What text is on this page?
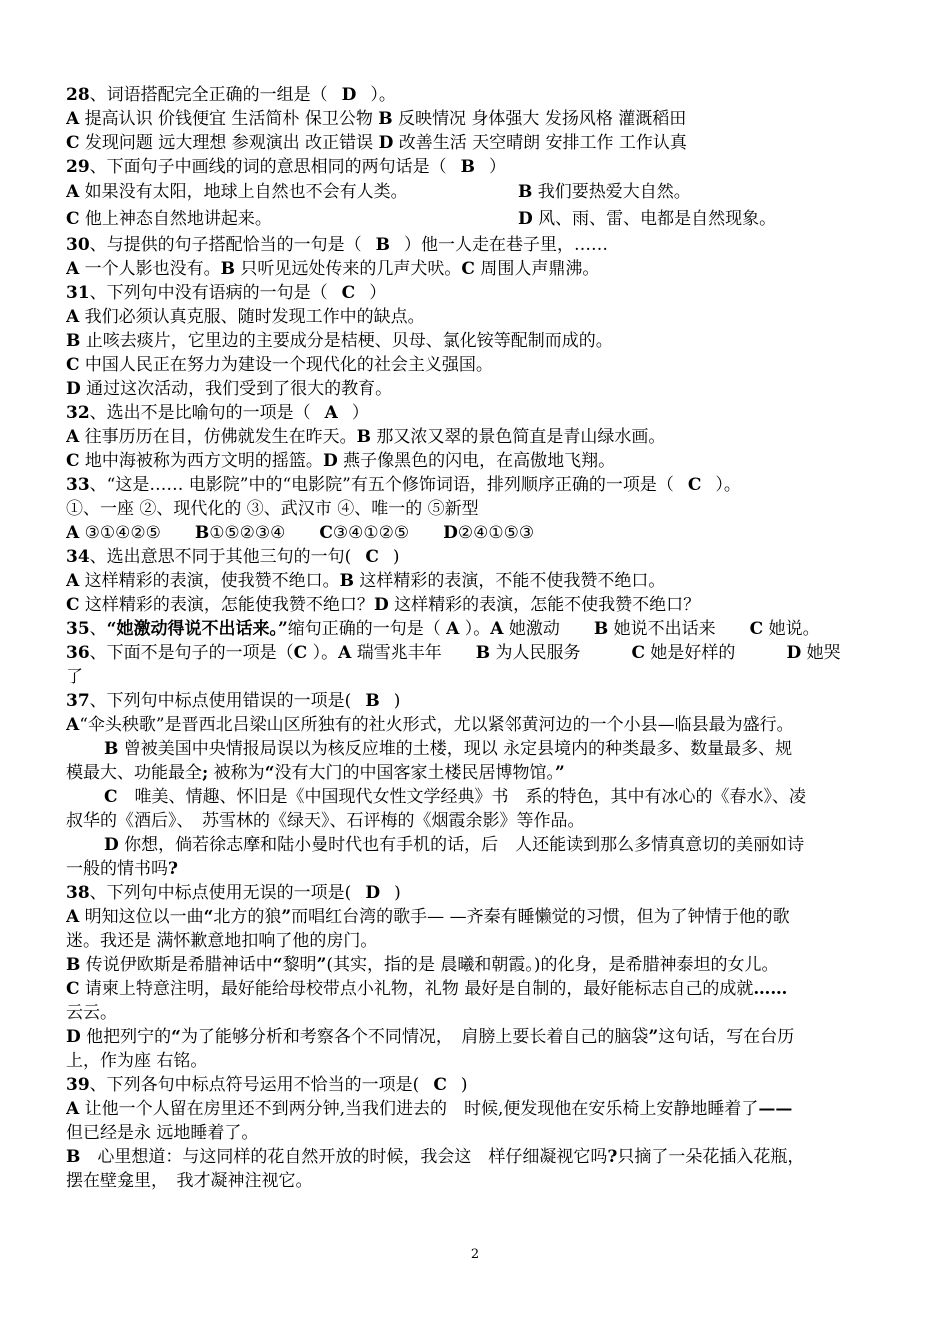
28、词语搭配完全正确的一组是（ D ）。
A 提高认识 价钱便宜 生活简朴 保卫公物 B 反映情况 身体强大 发扬风格 灌溉稻田
C 发现问题 远大理想 参观演出 改正错误 D 改善生活 天空晴朗 安排工作 工作认真
29、下面句子中画线的词的意思相同的两句话是（ B ）
A 如果没有太阳，地球上自然也不会有人类。	B 我们要热爱大自然。
C 他上神态自然地讲起来。	D 风、雨、雷、电都是自然现象。
30、与提供的句子搭配恰当的一句是（ B ）他一人走在巷子里，……
A 一个人影也没有。B 只听见远处传来的几声犬吠。C 周围人声鼎沸。
31、下列句中没有语病的一句是（ C ）
A 我们必须认真克服、随时发现工作中的缺点。
B 止咳去痰片，它里边的主要成分是桔梗、贝母、氯化铵等配制而成的。
C 中国人民正在努力为建设一个现代化的社会主义强国。
D 通过这次活动，我们受到了很大的教育。
32、选出不是比喻句的一项是（ A ）
A 往事历历在目，仿佛就发生在昨天。B 那又浓又翠的景色简直是青山绿水画。
C 地中海被称为西方文明的摇篮。D 燕子像黑色的闪电，在高傲地飞翔。
33、“这是…… 电影院”中的“电影院”有五个修饰词语，排列顺序正确的一项是（ C ）。
①、一座 ②、现代化的 ③、武汉市 ④、唯一的 ⑤新型
A ③①④②⑤　　B①⑤②③④　　C③④①②⑤　　D②④①⑤③
34、选出意思不同于其他三句的一句( C )
A 这样精彩的表演，使我赞不绝口。B 这样精彩的表演，不能不使我赞不绝口。
C 这样精彩的表演，怎能使我赞不绝口？D 这样精彩的表演，怎能不使我赞不绝口？
35、“她激动得说不出话来。”缩句正确的一句是（ A ）。A 她激动　　B 她说不出话来　　C 她说。
36、下面不是句子的一项是（C ）。A 瑞雪兆丰年　　B 为人民服务　　　C 她是好样的　　　D 她哭
了
37、下列句中标点使用错误的一项是( B )
A“伞头秧歌”是晋西北吕梁山区所独有的社火形式，尤以紧邻黄河边的一个小县—临县最为盛行。
B 曾被美国中央情报局误以为核反应堆的土楼，现以 永定县境内的种类最多、数量最多、规
模最大、功能最全; 被称为“没有大门的中国客家土楼民居博物馆。”
C　唯美、情趣、怀旧是《中国现代女性文学经典》书　系的特色，其中有冰心的《春水》、凌
叔华的《酒后》、　苏雪林的《绿天》、石评梅的《烟霞余影》等作品。
D 你想，倘若徐志摩和陆小曼时代也有手机的话，后　人还能读到那么多情真意切的美丽如诗
一般的情书吗?
38、下列句中标点使用无误的一项是( D )
A 明知这位以一曲“北方的狼”而唱红台湾的歌手— —齐秦有睡懒觉的习惯，但为了钟情于他的歌
迷。我还是 满怀歉意地扣响了他的房门。
B 传说伊欧斯是希腊神话中“黎明”(其实，指的是 晨曦和朝霞。)的化身，是希腊神泰坦的女儿。
C 请柬上特意注明，最好能给母校带点小礼物，礼物 最好是自制的，最好能标志自己的成就……
云云。
D 他把列宁的“为了能够分析和考察各个不同情况，　肩膀上要长着自己的脑袋”这句话，写在台历
上，作为座 右铭。
39、下列各句中标点符号运用不恰当的一项是( C )
A 让他一个人留在房里还不到两分钟,当我们进去的　时候,便发现他在安乐椅上安静地睡着了——
但已经是永 远地睡着了。
B　心里想道：与这同样的花自然开放的时候，我会这　样仔细凝视它吗?只摘了一朵花插入花瓶，
摆在壁龛里，　我才凝神注视它。
2
